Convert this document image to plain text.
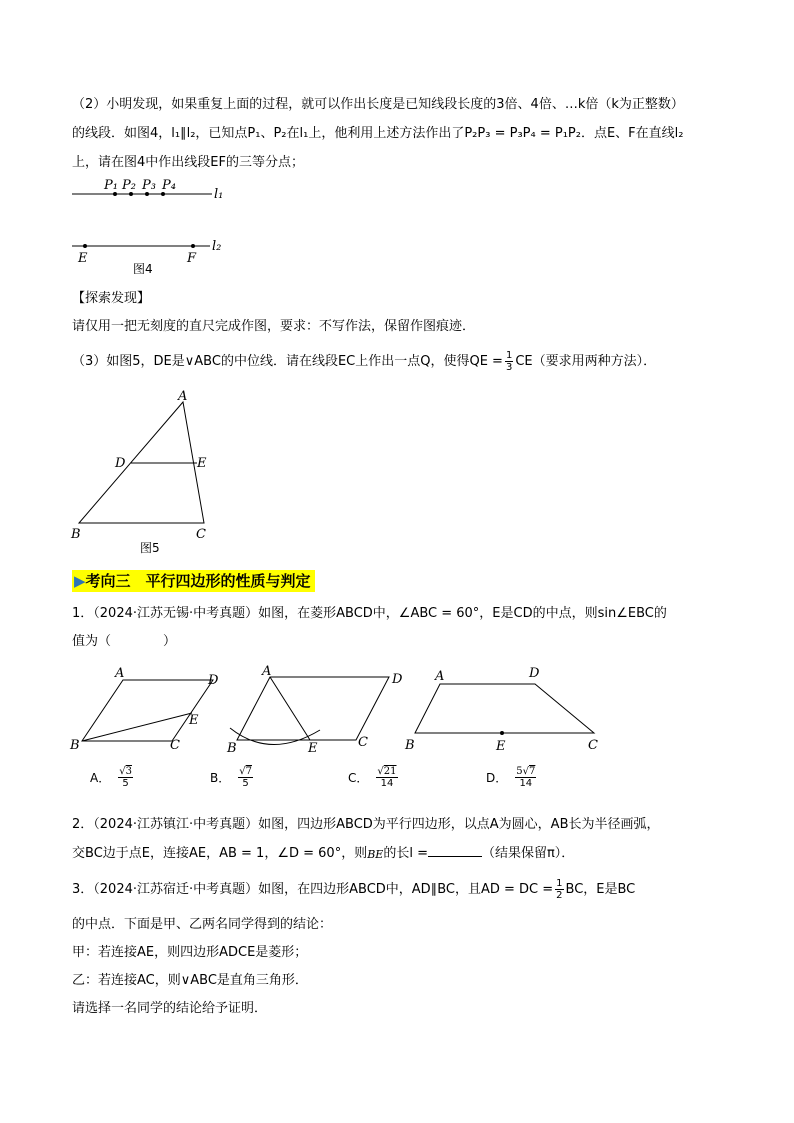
（2）小明发现，如果重复上面的过程，就可以作出长度是已知线段长度的3倍、4倍、…k倍（k为正整数）
的线段．如图4，l₁∥l₂，已知点P₁、P₂在l₁上，他利用上述方法作出了P₂P₃ = P₃P₄ = P₁P₂．点E、F在直线l₂
上，请在图4中作出线段EF的三等分点；
P₁ P₂ P₃ P₄
l₁
l₂
E	F
图4
【探索发现】
请仅用一把无刻度的直尺完成作图，要求：不写作法，保留作图痕迹．
（3）如图5，DE是∨ABC的中位线．请在线段EC上作出一点Q，使得QE = $\frac{1}{3} CE$（要求用两种方法）．
A
D	E
B	C
图5
▶考向三　平行四边形的性质与判定
1．（2024·江苏无锡·中考真题）如图，在菱形ABCD中，∠ABC = 60°，E是CD的中点，则sin∠EBC的
值为（　　　　）
A	D
E
B	C
A
D
B	E	C
A	D
B	E	C
A． $\frac{√3}{5}$	B． $\frac{√7}{5}$	C． $\frac{√21}{14}$	D． $\frac{5√7}{14}$
2．（2024·江苏镇江·中考真题）如图，四边形ABCD为平行四边形，以点A为圆心，AB长为半径画弧，
交BC边于点E，连接AE，AB = 1，∠D = 60°，则BE的长l =	（结果保留π）．
3．（2024·江苏宿迁·中考真题）如图，在四边形ABCD中，AD∥BC，且AD = DC = $\frac{1}{2}$ BC，E是BC
的中点．下面是甲、乙两名同学得到的结论：
甲：若连接AE，则四边形ADCE是菱形；
乙：若连接AC，则∨ABC是直角三角形．
请选择一名同学的结论给予证明．
